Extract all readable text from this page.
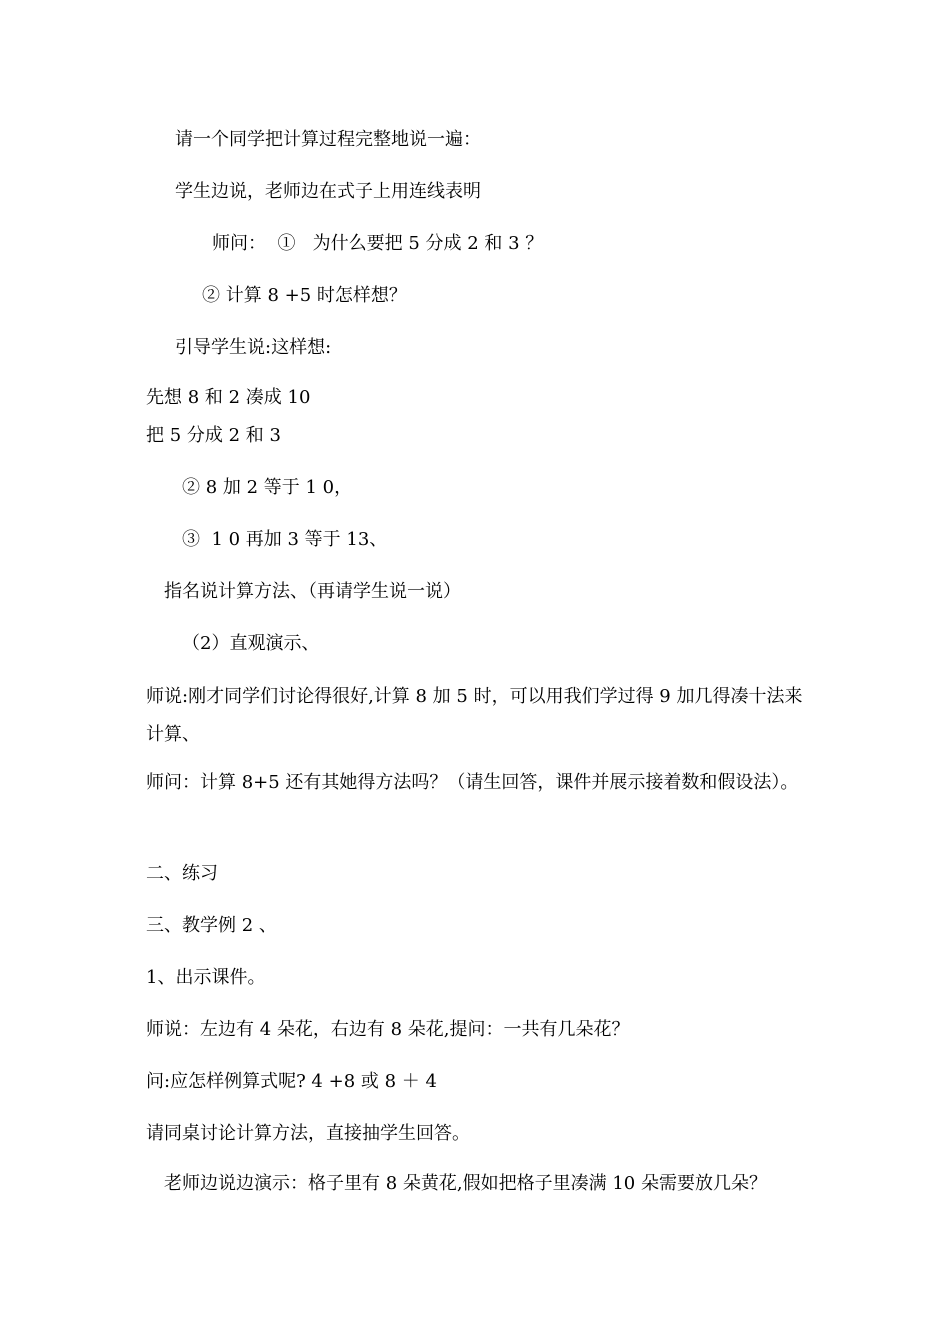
请一个同学把计算过程完整地说一遍：
学生边说，老师边在式子上用连线表明
师问：  ①   为什么要把 5 分成 2 和 3 ？
② 计算 8 +5 时怎样想？
引导学生说:这样想:
先想 8 和 2 凑成 10
把 5 分成 2 和 3
② 8 加 2 等于 1 0，
③  1 0 再加 3 等于 13、
指名说计算方法、（再请学生说一说）
（2）直观演示、
师说:刚才同学们讨论得很好,计算 8 加 5 时，可以用我们学过得 9 加几得凑十法来计算、
师问：计算 8+5 还有其她得方法吗？（请生回答，课件并展示接着数和假设法）。
二、练习
三、教学例 2 、
1、出示课件。
师说：左边有 4 朵花，右边有 8 朵花,提问：一共有几朵花？
问:应怎样例算式呢? 4 +8 或 8 ＋ 4
请同桌讨论计算方法，直接抽学生回答。
老师边说边演示：格子里有 8 朵黄花,假如把格子里凑满 10 朵需要放几朵？
